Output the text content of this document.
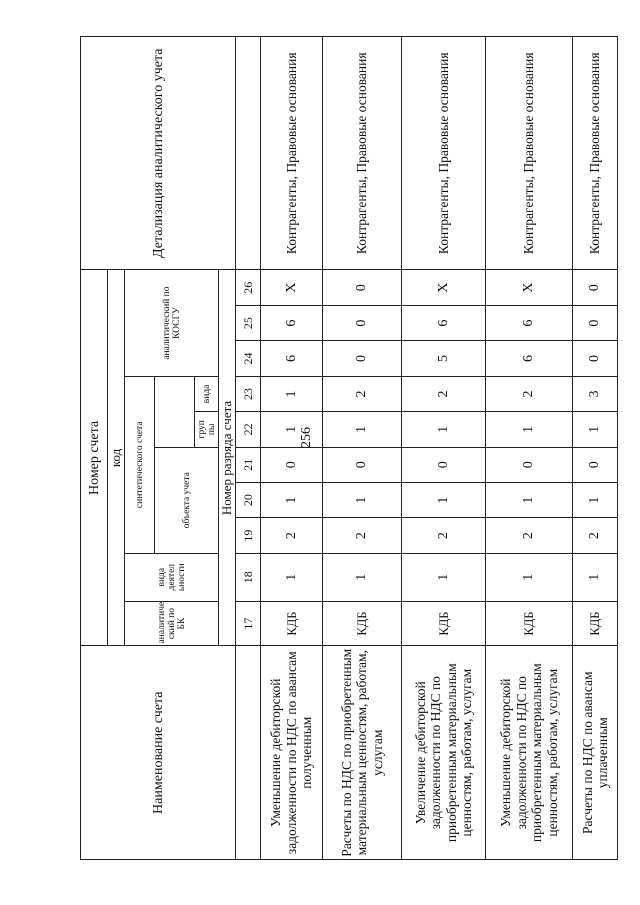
256
Наименование счета	Номер счета										Детализация аналитического учета
	код										
	аналитиче ский по БК	вида деятел ьности	синтетического счета					аналитический по КОСГУ			
			объекта учета								
						груп пы	вида				
	Номер разряда счета										
	17	18	19	20	21	22	23	24	25	26	
Уменьшение дебиторской задолженности по НДС по авансам полученным	КДБ	1	2	1	0	1	1	6	6	Х	Контрагенты, Правовые основания
Расчеты по НДС по приобретенным материальным ценностям, работам, услугам	КДБ	1	2	1	0	1	2	0	0	0	Контрагенты, Правовые основания
Увеличение дебиторской задолженности по НДС по приобретенным материальным ценностям, работам, услугам	КДБ	1	2	1	0	1	2	5	6	Х	Контрагенты, Правовые основания
Уменьшение дебиторской задолженности по НДС по приобретенным материальным ценностям, работам, услугам	КДБ	1	2	1	0	1	2	6	6	Х	Контрагенты, Правовые основания
Расчеты по НДС по авансам уплаченным	КДБ	1	2	1	0	1	3	0	0	0	Контрагенты, Правовые основания
